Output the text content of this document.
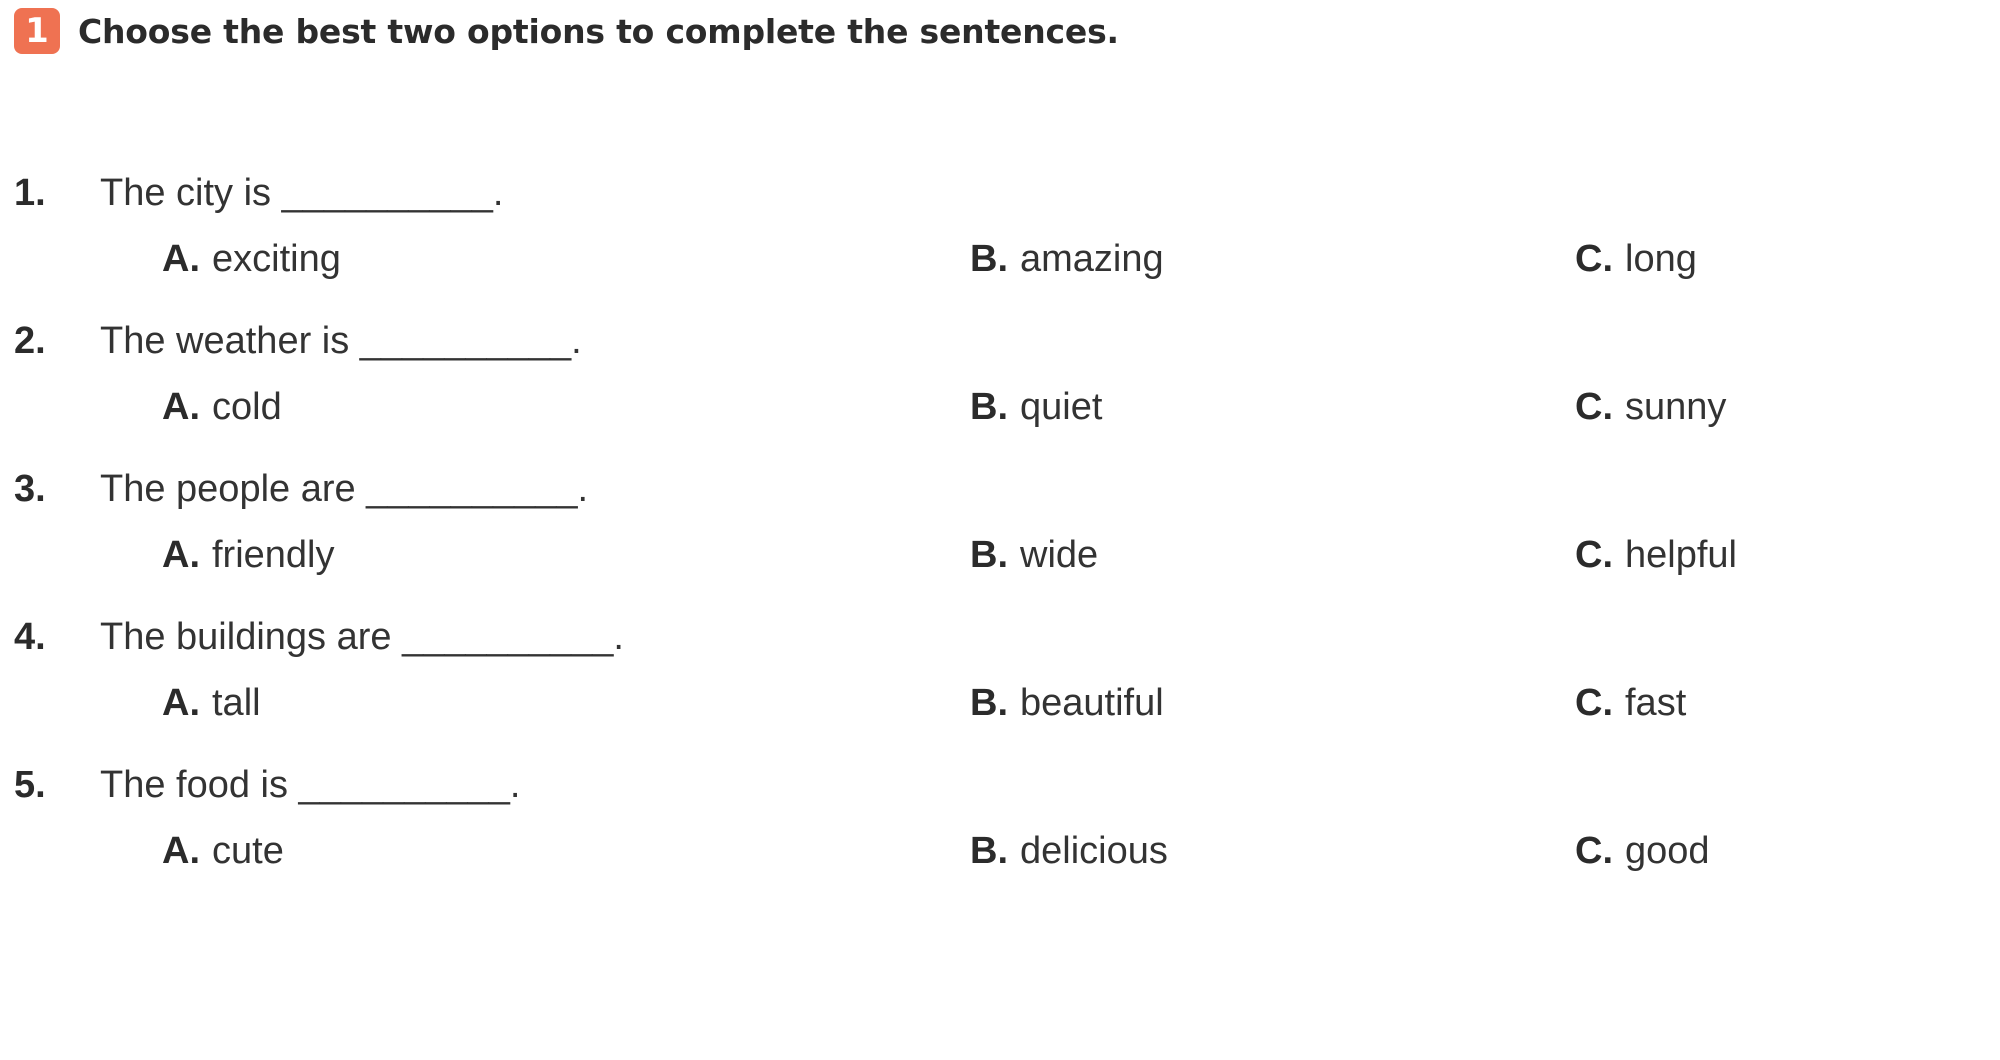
1 Choose the best two options to complete the sentences.
1.	The city is __________.
A. exciting	B. amazing	C. long
2.	The weather is __________.
A. cold	B. quiet	C. sunny
3.	The people are __________.
A. friendly	B. wide	C. helpful
4.	The buildings are __________.
A. tall	B. beautiful	C. fast
5.	The food is __________.
A. cute	B. delicious	C. good
